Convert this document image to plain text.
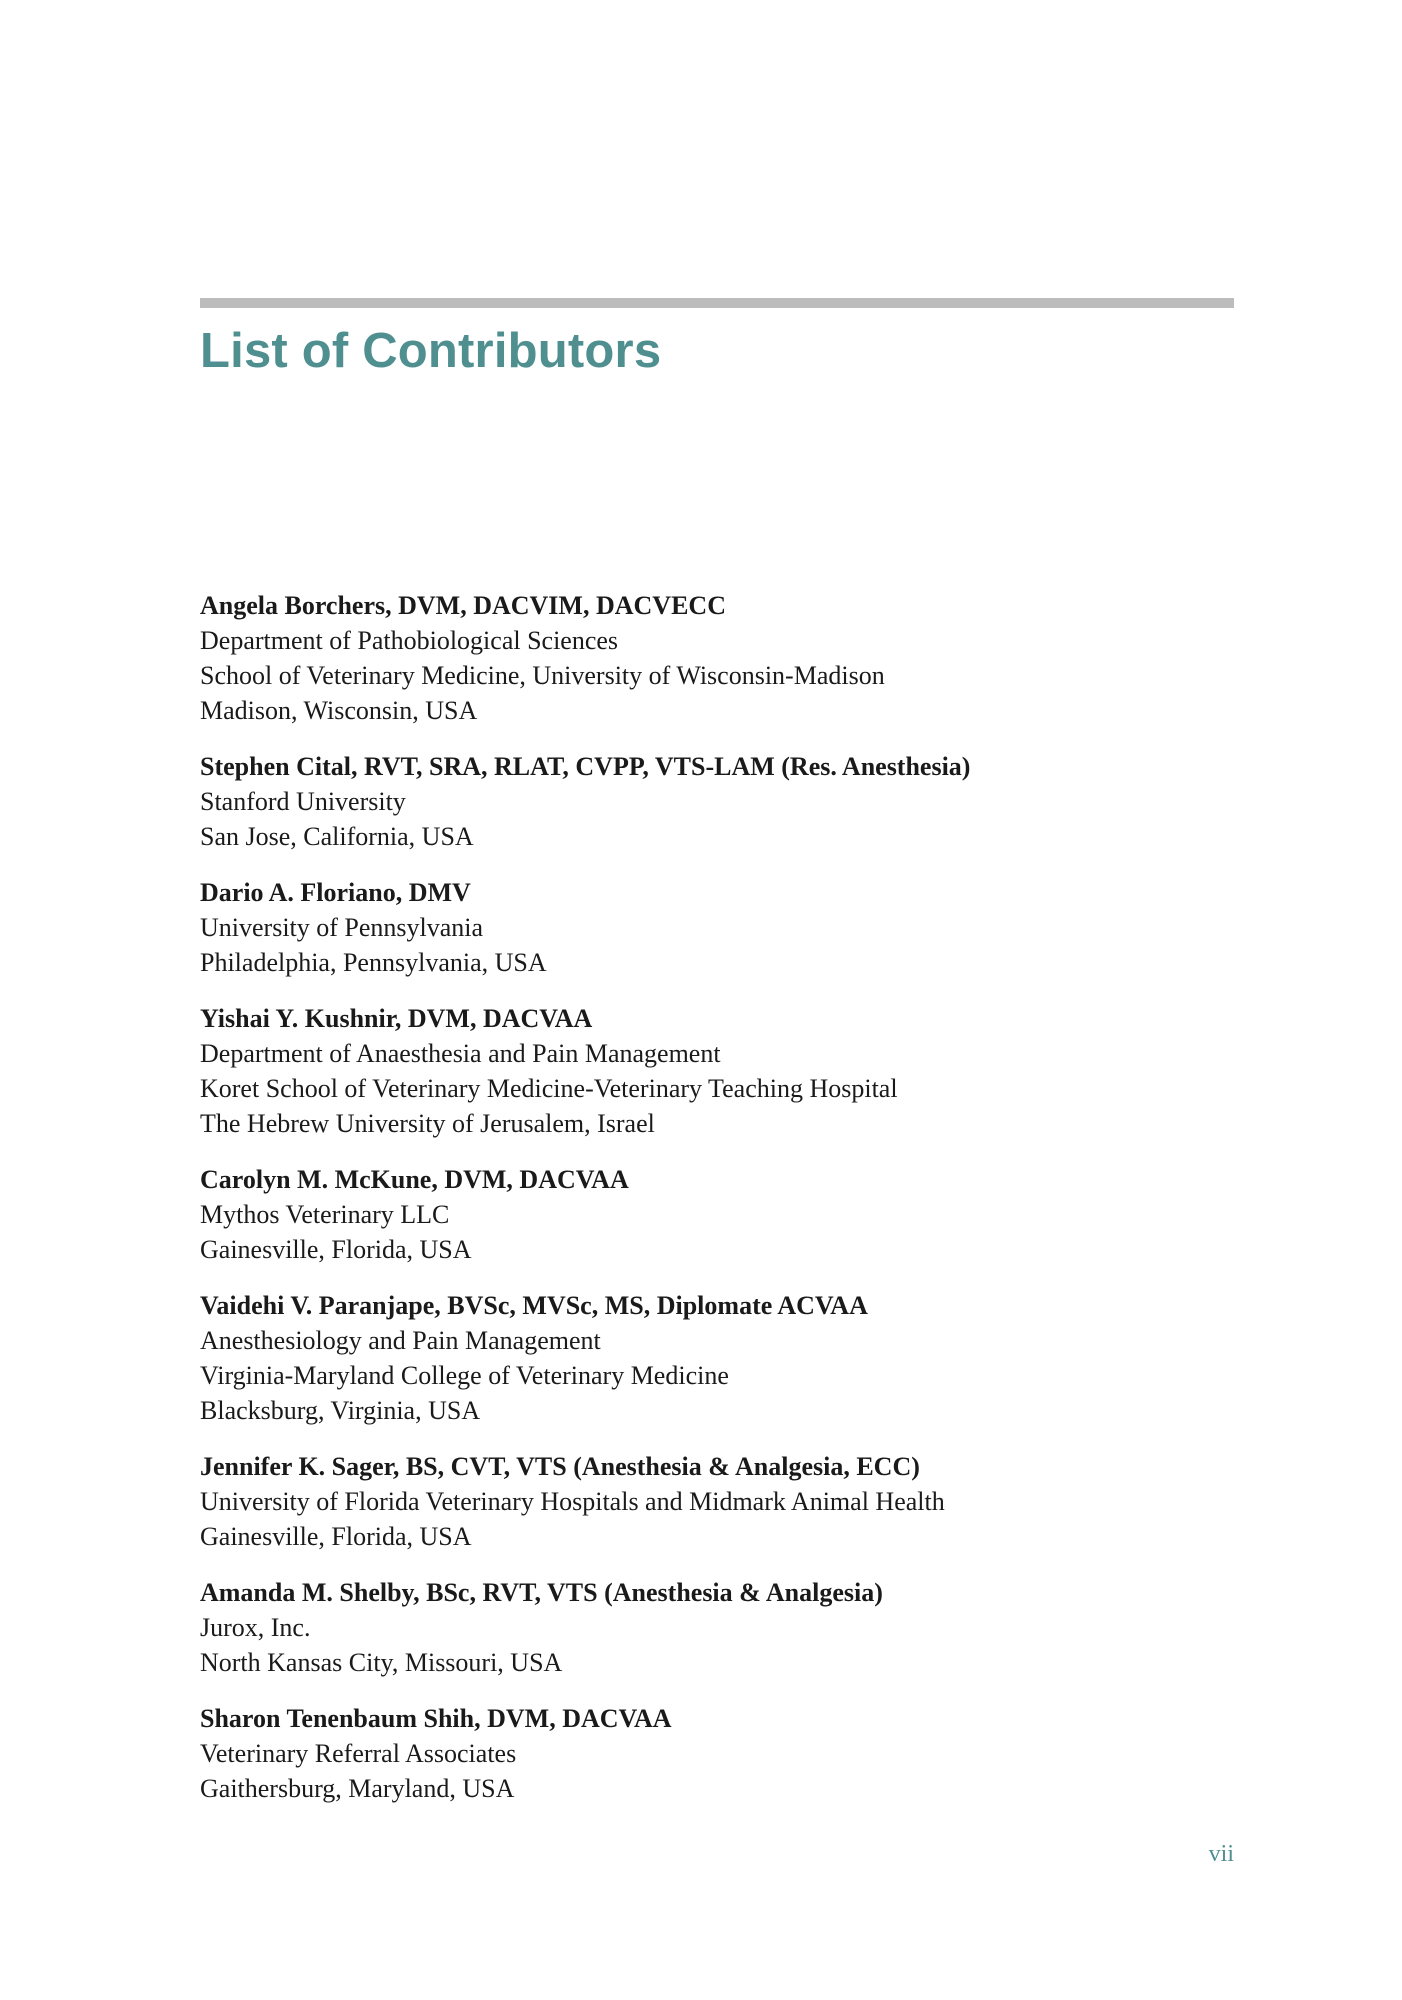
List of Contributors
Angela Borchers, DVM, DACVIM, DACVECC
Department of Pathobiological Sciences
School of Veterinary Medicine, University of Wisconsin-Madison
Madison, Wisconsin, USA
Stephen Cital, RVT, SRA, RLAT, CVPP, VTS-LAM (Res. Anesthesia)
Stanford University
San Jose, California, USA
Dario A. Floriano, DMV
University of Pennsylvania
Philadelphia, Pennsylvania, USA
Yishai Y. Kushnir, DVM, DACVAA
Department of Anaesthesia and Pain Management
Koret School of Veterinary Medicine-Veterinary Teaching Hospital
The Hebrew University of Jerusalem, Israel
Carolyn M. McKune, DVM, DACVAA
Mythos Veterinary LLC
Gainesville, Florida, USA
Vaidehi V. Paranjape, BVSc, MVSc, MS, Diplomate ACVAA
Anesthesiology and Pain Management
Virginia-Maryland College of Veterinary Medicine
Blacksburg, Virginia, USA
Jennifer K. Sager, BS, CVT, VTS (Anesthesia & Analgesia, ECC)
University of Florida Veterinary Hospitals and Midmark Animal Health
Gainesville, Florida, USA
Amanda M. Shelby, BSc, RVT, VTS (Anesthesia & Analgesia)
Jurox, Inc.
North Kansas City, Missouri, USA
Sharon Tenenbaum Shih, DVM, DACVAA
Veterinary Referral Associates
Gaithersburg, Maryland, USA
vii
